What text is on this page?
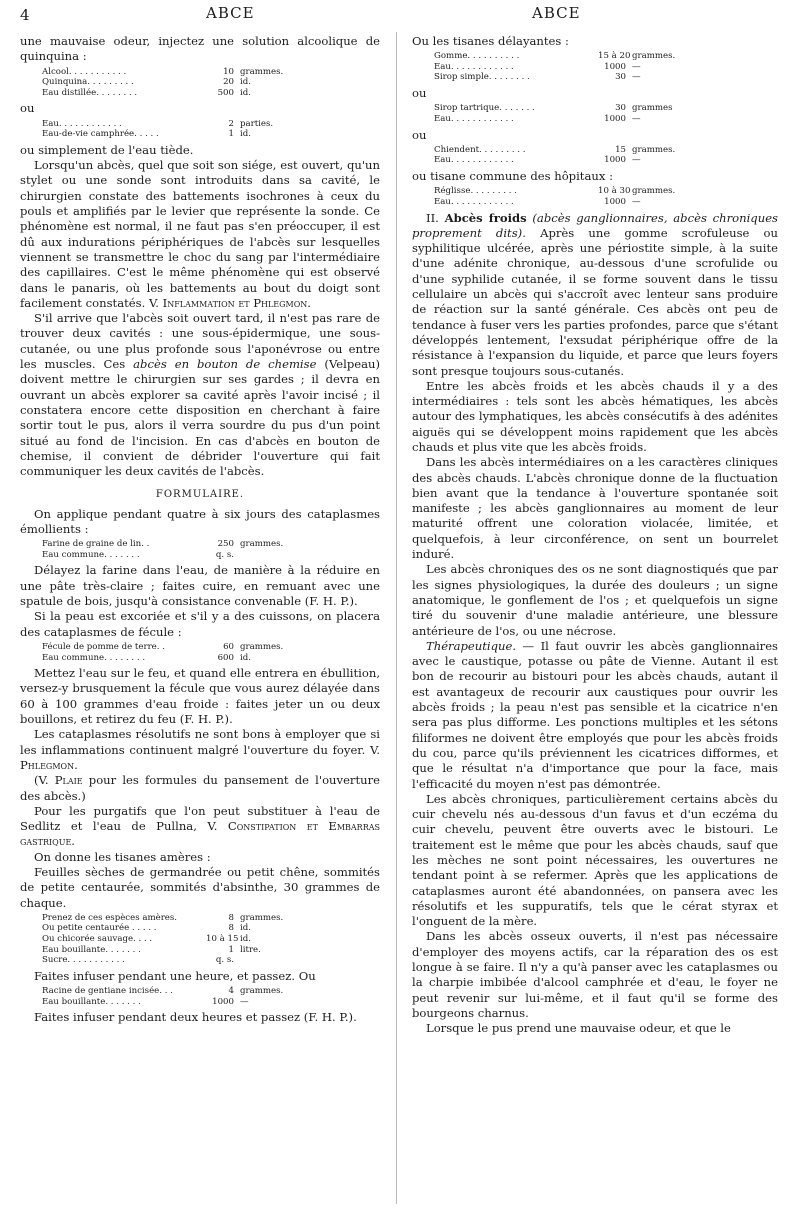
4	ABCE	ABCE

une mauvaise odeur, injectez une solution alcoolique de quinquina :

Alcool. . . . . . . . . . .	10 grammes.
Quinquina. . . . . . . . .	20 id.
Eau distillée. . . . . . . .	500 id.
ou
Eau. . . . . . . . . . . .	2 parties.
Eau-de-vie camphrée. . . . .	1 id.

ou simplement de l'eau tiède.

Lorsqu'un abcès, quel que soit son siége, est ouvert, qu'un stylet ou une sonde sont introduits dans sa cavité, le chirurgien constate des battements isochrones à ceux du pouls et amplifiés par le levier que représente la sonde. Ce phénomène est normal, il ne faut pas s'en préoccuper, il est dû aux indurations périphériques de l'abcès sur lesquelles viennent se transmettre le choc du sang par l'intermédiaire des capillaires. C'est le même phénomène qui est observé dans le panaris, où les battements au bout du doigt sont facilement constatés. V. Inflammation et Phlegmon.

S'il arrive que l'abcès soit ouvert tard, il n'est pas rare de trouver deux cavités : une sous-épidermique, une sous-cutanée, ou une plus profonde sous l'aponévrose ou entre les muscles. Ces abcès en bouton de chemise (Velpeau) doivent mettre le chirurgien sur ses gardes ; il devra en ouvrant un abcès explorer sa cavité après l'avoir incisé ; il constatera encore cette disposition en cherchant à faire sortir tout le pus, alors il verra sourdre du pus d'un point situé au fond de l'incision. En cas d'abcès en bouton de chemise, il convient de débrider l'ouverture qui fait communiquer les deux cavités de l'abcès.

FORMULAIRE.

On applique pendant quatre à six jours des cataplasmes émollients :

Farine de graine de lin. .	250 grammes.
Eau commune. . . . . . .	q. s.

Délayez la farine dans l'eau, de manière à la réduire en une pâte très-claire ; faites cuire, en remuant avec une spatule de bois, jusqu'à consistance convenable (F. H. P.).

Si la peau est excoriée et s'il y a des cuissons, on placera des cataplasmes de fécule :

Fécule de pomme de terre. .	60 grammes.
Eau commune. . . . . . . .	600 id.

Mettez l'eau sur le feu, et quand elle entrera en ébullition, versez-y brusquement la fécule que vous aurez délayée dans 60 à 100 grammes d'eau froide : faites jeter un ou deux bouillons, et retirez du feu (F. H. P.).

Les cataplasmes résolutifs ne sont bons à employer que si les inflammations continuent malgré l'ouverture du foyer. V. Phlegmon.

(V. Plaie pour les formules du pansement de l'ouverture des abcès.)

Pour les purgatifs que l'on peut substituer à l'eau de Sedlitz et l'eau de Pullna, V. Constipation et Embarras gastrique.

On donne les tisanes amères :

Feuilles sèches de germandrée ou petit chêne, sommités de petite centaurée, sommités d'absinthe, 30 grammes de chaque.

Prenez de ces espèces amères.	8 grammes.
Ou petite centaurée . . . . .	8 id.
Ou chicorée sauvage. . . .	10 à 15 id.
Eau bouillante. . . . . . .	1 litre.
Sucre. . . . . . . . . . .	q. s.

Faites infuser pendant une heure, et passez. Ou

Racine de gentiane incisée. . .	4 grammes.
Eau bouillante. . . . . . .	1000 —

Faites infuser pendant deux heures et passez (F. H. P.).

Ou les tisanes délayantes :

Gomme. . . . . . . . . .	15 à 20 grammes.
Eau. . . . . . . . . . . .	1000 —
Sirop simple. . . . . . . .	30 —
ou
Sirop tartrique. . . . . . .	30 grammes
Eau. . . . . . . . . . . .	1000 —
ou
Chiendent. . . . . . . . .	15 grammes.
Eau. . . . . . . . . . . .	1000 —

ou tisane commune des hôpitaux :

Réglisse. . . . . . . . .	10 à 30 grammes.
Eau. . . . . . . . . . . .	1000 —

II. Abcès froids (abcès ganglionnaires, abcès chroniques proprement dits). Après une gomme scrofuleuse ou syphilitique ulcérée, après une périostite simple, à la suite d'une adénite chronique, au-dessous d'une scrofulide ou d'une syphilide cutanée, il se forme souvent dans le tissu cellulaire un abcès qui s'accroît avec lenteur sans produire de réaction sur la santé générale. Ces abcès ont peu de tendance à fuser vers les parties profondes, parce que s'étant développés lentement, l'exsudat périphérique offre de la résistance à l'expansion du liquide, et parce que leurs foyers sont presque toujours sous-cutanés.

Entre les abcès froids et les abcès chauds il y a des intermédiaires : tels sont les abcès hématiques, les abcès autour des lymphatiques, les abcès consécutifs à des adénites aiguës qui se développent moins rapidement que les abcès chauds et plus vite que les abcès froids.

Dans les abcès intermédiaires on a les caractères cliniques des abcès chauds. L'abcès chronique donne de la fluctuation bien avant que la tendance à l'ouverture spontanée soit manifeste ; les abcès ganglionnaires au moment de leur maturité offrent une coloration violacée, limitée, et quelquefois, à leur circonférence, on sent un bourrelet induré.

Les abcès chroniques des os ne sont diagnostiqués que par les signes physiologiques, la durée des douleurs ; un signe anatomique, le gonflement de l'os ; et quelquefois un signe tiré du souvenir d'une maladie antérieure, une blessure antérieure de l'os, ou une nécrose.

Thérapeutique. — Il faut ouvrir les abcès ganglionnaires avec le caustique, potasse ou pâte de Vienne. Autant il est bon de recourir au bistouri pour les abcès chauds, autant il est avantageux de recourir aux caustiques pour ouvrir les abcès froids ; la peau n'est pas sensible et la cicatrice n'en sera pas plus difforme. Les ponctions multiples et les sétons filiformes ne doivent être employés que pour les abcès froids du cou, parce qu'ils préviennent les cicatrices difformes, et que le résultat n'a d'importance que pour la face, mais l'efficacité du moyen n'est pas démontrée.

Les abcès chroniques, particulièrement certains abcès du cuir chevelu nés au-dessous d'un favus et d'un eczéma du cuir chevelu, peuvent être ouverts avec le bistouri. Le traitement est le même que pour les abcès chauds, sauf que les mèches ne sont point nécessaires, les ouvertures ne tendant point à se refermer. Après que les applications de cataplasmes auront été abandonnées, on pansera avec les résolutifs et les suppuratifs, tels que le cérat styrax et l'onguent de la mère.

Dans les abcès osseux ouverts, il n'est pas nécessaire d'employer des moyens actifs, car la réparation des os est longue à se faire. Il n'y a qu'à panser avec les cataplasmes ou la charpie imbibée d'alcool camphrée et d'eau, le foyer ne peut revenir sur lui-même, et il faut qu'il se forme des bourgeons charnus.

Lorsque le pus prend une mauvaise odeur, et que le
